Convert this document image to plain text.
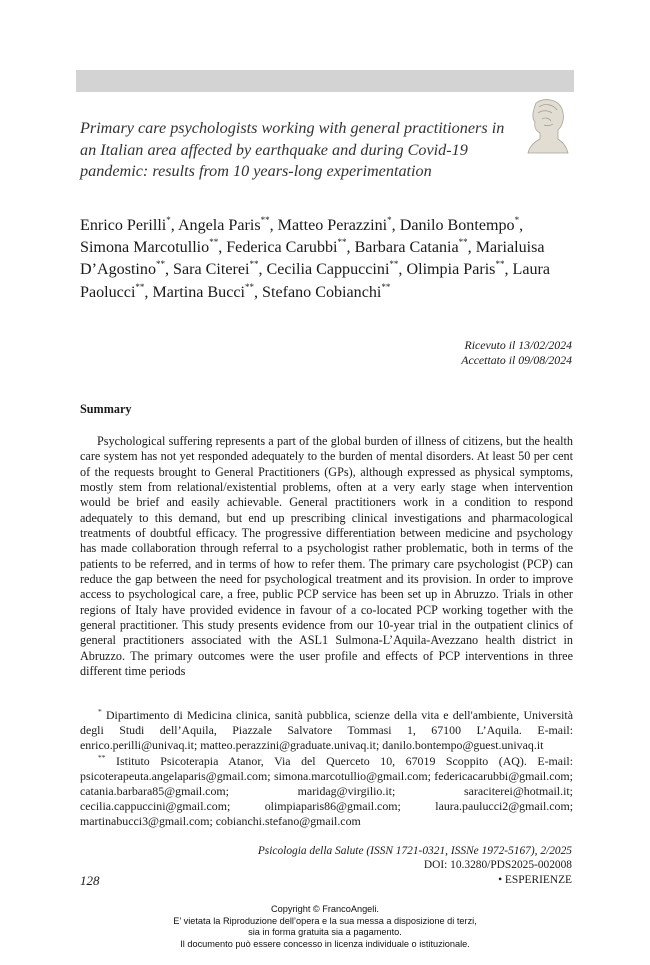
Primary care psychologists working with general practitioners in an Italian area affected by earthquake and during Covid-19 pandemic: results from 10 years-long experimentation
Enrico Perilli*, Angela Paris**, Matteo Perazzini*, Danilo Bontempo*, Simona Marcotullio**, Federica Carubbi**, Barbara Catania**, Marialuisa D’Agostino**, Sara Citerei**, Cecilia Cappuccini**, Olimpia Paris**, Laura Paolucci**, Martina Bucci**, Stefano Cobianchi**
Ricevuto il 13/02/2024
Accettato il 09/08/2024
Summary

Psychological suffering represents a part of the global burden of illness of citizens, but the health care system has not yet responded adequately to the burden of mental disorders. At least 50 per cent of the requests brought to General Practitioners (GPs), although expressed as physical symptoms, mostly stem from relational/existential problems, often at a very early stage when intervention would be brief and easily achievable. General practitioners work in a condition to respond adequately to this demand, but end up prescribing clinical investigations and pharmacological treatments of doubtful efficacy. The progressive differentiation between medicine and psychology has made collaboration through referral to a psychologist rather problematic, both in terms of the patients to be referred, and in terms of how to refer them. The primary care psychologist (PCP) can reduce the gap between the need for psychological treatment and its provision. In order to improve access to psychological care, a free, public PCP service has been set up in Abruzzo. Trials in other regions of Italy have provided evidence in favour of a co-located PCP working together with the general practitioner. This study presents evidence from our 10-year trial in the outpatient clinics of general practitioners associated with the ASL1 Sulmona-L’Aquila-Avezzano health district in Abruzzo. The primary outcomes were the user profile and effects of PCP interventions in three different time periods

* Dipartimento di Medicina clinica, sanità pubblica, scienze della vita e dell'ambiente, Università degli Studi dell’Aquila, Piazzale Salvatore Tommasi 1, 67100 L’Aquila. E-mail: enrico.perilli@univaq.it; matteo.perazzini@graduate.univaq.it; danilo.bontempo@guest.univaq.it

** Istituto Psicoterapia Atanor, Via del Querceto 10, 67019 Scoppito (AQ). E-mail: psicoterapeuta.angelaparis@gmail.com; simona.marcotullio@gmail.com; federicacarubbi@gmail.com; catania.barbara85@gmail.com; maridag@virgilio.it; saraciterei@hotmail.it; cecilia.cappuccini@gmail.com; olimpiaparis86@gmail.com; laura.paulucci2@gmail.com; martinabucci3@gmail.com; cobianchi.stefano@gmail.com

Psicologia della Salute (ISSN 1721-0321, ISSNe 1972-5167), 2/2025
DOI: 10.3280/PDS2025-002008
• ESPERIENZE
128
Copyright © FrancoAngeli.
E’ vietata la Riproduzione dell’opera e la sua messa a disposizione di terzi,
sia in forma gratuita sia a pagamento.
Il documento può essere concesso in licenza individuale o istituzionale.
